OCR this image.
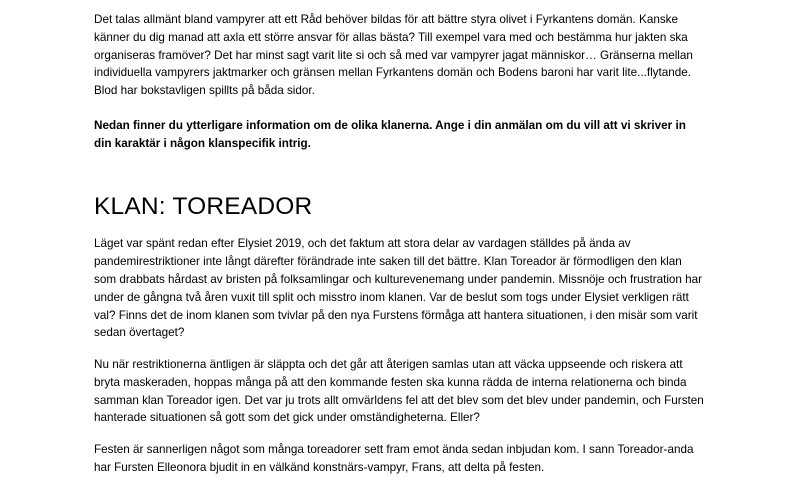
Det talas allmänt bland vampyrer att ett Råd behöver bildas för att bättre styra olivet i Fyrkantens domän. Kanske känner du dig manad att axla ett större ansvar för allas bästa? Till exempel vara med och bestämma hur jakten ska organiseras framöver? Det har minst sagt varit lite si och så med var vampyrer jagat människor… Gränserna mellan individuella vampyrers jaktmarker och gränsen mellan Fyrkantens domän och Bodens baroni har varit lite...flytande. Blod har bokstavligen spillts på båda sidor.

Nedan finner du ytterligare information om de olika klanerna. Ange i din anmälan om du vill att vi skriver in din karaktär i någon klanspecifik intrig.

KLAN: TOREADOR

Läget var spänt redan efter Elysiet 2019, och det faktum att stora delar av vardagen ställdes på ända av pandemirestriktioner inte långt därefter förändrade inte saken till det bättre. Klan Toreador är förmodligen den klan som drabbats hårdast av bristen på folksamlingar och kulturevenemang under pandemin. Missnöje och frustration har under de gångna två åren vuxit till split och misstro inom klanen. Var de beslut som togs under Elysiet verkligen rätt val? Finns det de inom klanen som tvivlar på den nya Furstens förmåga att hantera situationen, i den misär som varit sedan övertaget?

Nu när restriktionerna äntligen är släppta och det går att återigen samlas utan att väcka uppseende och riskera att bryta maskeraden, hoppas många på att den kommande festen ska kunna rädda de interna relationerna och binda samman klan Toreador igen. Det var ju trots allt omvärldens fel att det blev som det blev under pandemin, och Fursten hanterade situationen så gott som det gick under omständigheterna. Eller?

Festen är sannerligen något som många toreadorer sett fram emot ända sedan inbjudan kom. I sann Toreador-anda har Fursten Elleonora bjudit in en välkänd konstnärs-vampyr, Frans, att delta på festen.
